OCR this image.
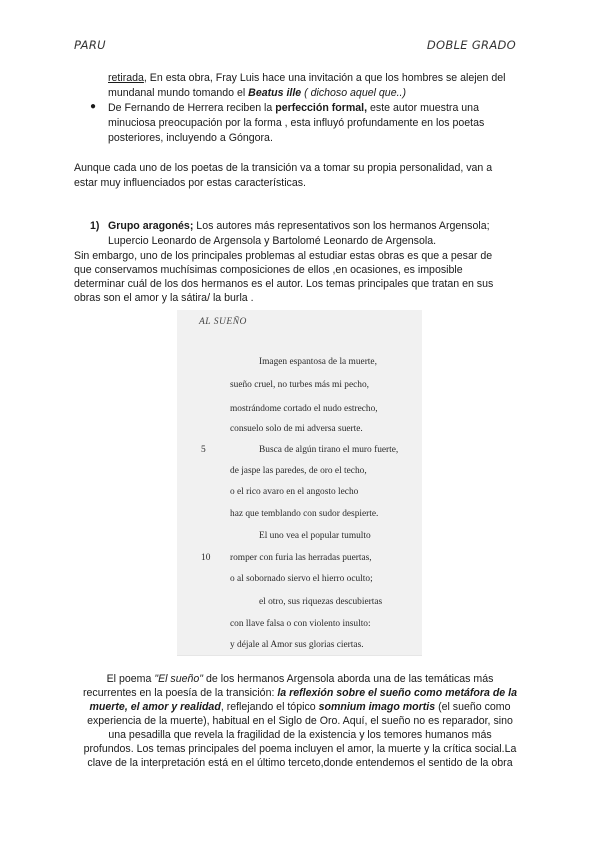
PARU	DOBLE GRADO
retirada, En esta obra, Fray Luis hace una invitación a que los hombres se alejen del
mundanal mundo tomando el Beatus ille ( dichoso aquel que..)
● De Fernando de Herrera reciben la perfección formal, este autor muestra una
minuciosa preocupación por la forma , esta influyó profundamente en los poetas
posteriores, incluyendo a Góngora.
Aunque cada uno de los poetas de la transición va a tomar su propia personalidad, van a
estar muy influenciados por estas características.
1) Grupo aragonés; Los autores más representativos son los hermanos Argensola;
Lupercio Leonardo de Argensola y Bartolomé Leonardo de Argensola.
Sin embargo, uno de los principales problemas al estudiar estas obras es que a pesar de
que conservamos muchísimas composiciones de ellos ,en ocasiones, es imposible
determinar cuál de los dos hermanos es el autor. Los temas principales que tratan en sus
obras son el amor y la sátira/ la burla .
AL SUEÑO
Imagen espantosa de la muerte,
sueño cruel, no turbes más mi pecho,
mostrándome cortado el nudo estrecho,
consuelo solo de mi adversa suerte.
5	Busca de algún tirano el muro fuerte,
de jaspe las paredes, de oro el techo,
o el rico avaro en el angosto lecho
haz que temblando con sudor despierte.
El uno vea el popular tumulto
10 romper con furia las herradas puertas,
o al sobornado siervo el hierro oculto;
el otro, sus riquezas descubiertas
con llave falsa o con violento insulto:
y déjale al Amor sus glorias ciertas.
El poema "El sueño" de los hermanos Argensola aborda una de las temáticas más
recurrentes en la poesía de la transición: la reflexión sobre el sueño como metáfora de la
muerte, el amor y realidad, reflejando el tópico somnium imago mortis (el sueño como
experiencia de la muerte), habitual en el Siglo de Oro. Aquí, el sueño no es reparador, sino
una pesadilla que revela la fragilidad de la existencia y los temores humanos más
profundos. Los temas principales del poema incluyen el amor, la muerte y la crítica social.La
clave de la interpretación está en el último terceto,donde entendemos el sentido de la obra
